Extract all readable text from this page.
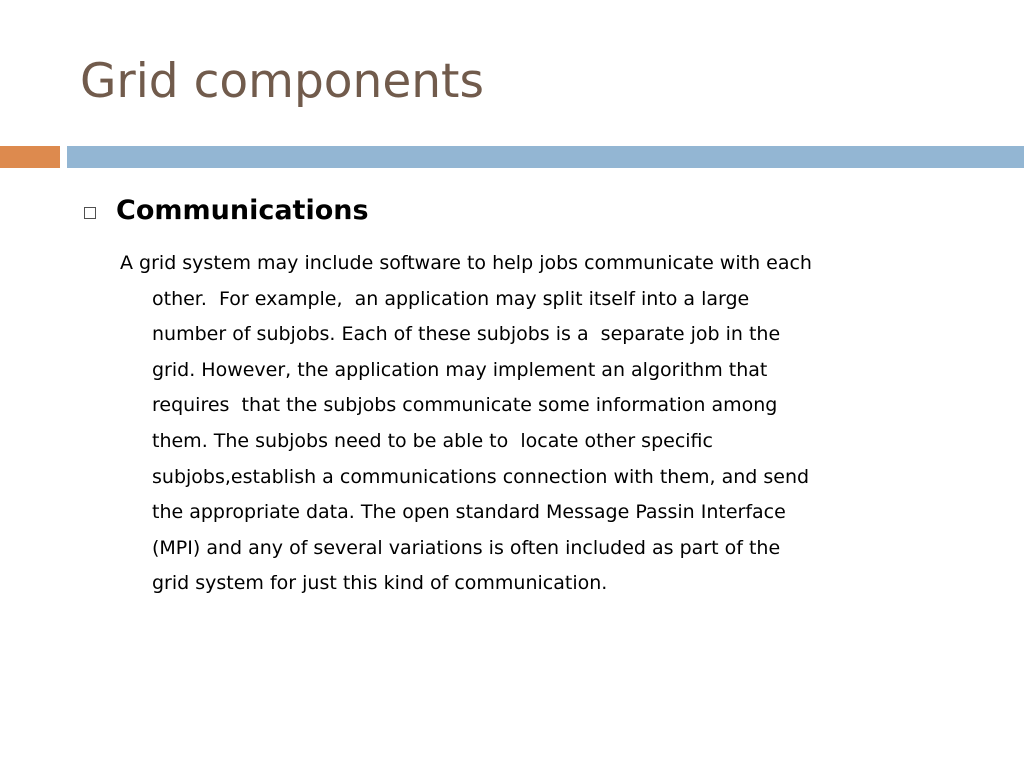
Grid components
Communications

A grid system may include software to help jobs communicate with each
other.  For example,  an application may split itself into a large
number of subjobs. Each of these subjobs is a  separate job in the
grid. However, the application may implement an algorithm that
requires  that the subjobs communicate some information among
them. The subjobs need to be able to  locate other specific
subjobs,establish a communications connection with them, and send
the appropriate data. The open standard Message Passin Interface
(MPI) and any of several variations is often included as part of the
grid system for just this kind of communication.
